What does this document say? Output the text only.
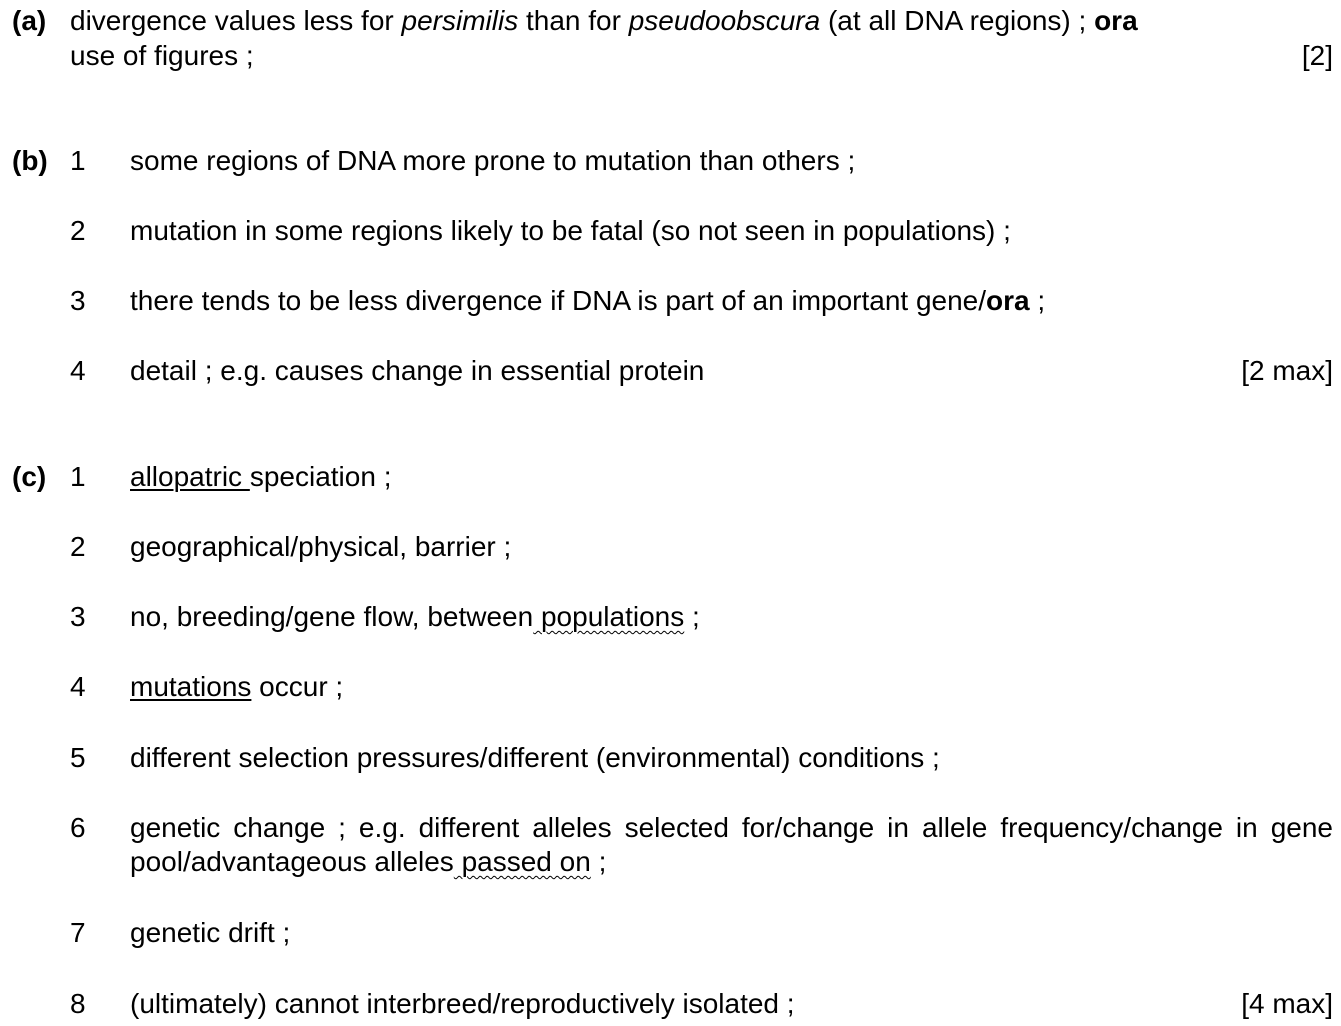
(a) divergence values less for persimilis than for pseudoobscura (at all DNA regions) ; ora
use of figures ;	[2]
(b) 1 some regions of DNA more prone to mutation than others ;
2 mutation in some regions likely to be fatal (so not seen in populations) ;
3 there tends to be less divergence if DNA is part of an important gene/ora ;
4 detail ; e.g. causes change in essential protein	[2 max]
(c) 1 allopatric speciation ;
2 geographical/physical, barrier ;
3 no, breeding/gene flow, between populations ;
4 mutations occur ;
5 different selection pressures/different (environmental) conditions ;
6 genetic change ; e.g. different alleles selected for/change in allele frequency/change in gene pool/advantageous alleles passed on ;
7 genetic drift ;
8 (ultimately) cannot interbreed/reproductively isolated ;	[4 max]
